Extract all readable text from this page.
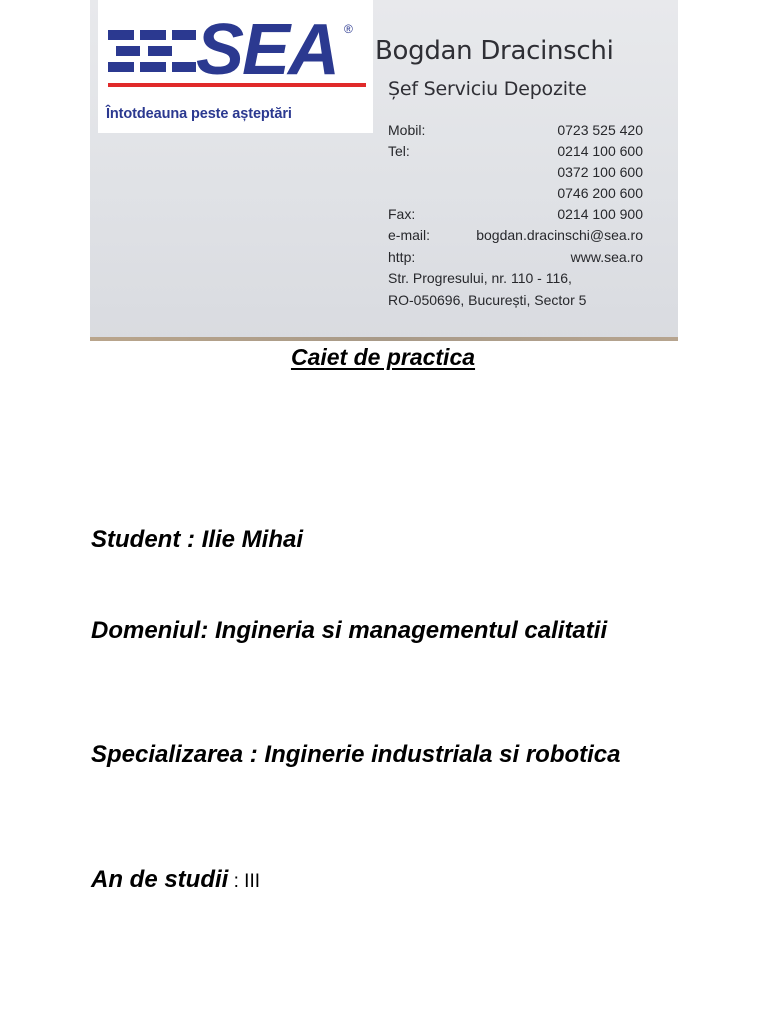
SEA ®
Întotdeauna peste așteptări
Bogdan Dracinschi
Șef Serviciu Depozite
Mobil:	0723 525 420
Tel:	0214 100 600
0372 100 600
0746 200 600
Fax:	0214 100 900
e-mail:	bogdan.dracinschi@sea.ro
http:	www.sea.ro
Str. Progresului, nr. 110 - 116,
RO-050696, București, Sector 5
Caiet de practica
Student : Ilie Mihai
Domeniul: Ingineria si managementul calitatii
Specializarea : Inginerie industriala si robotica
An de studii : III
